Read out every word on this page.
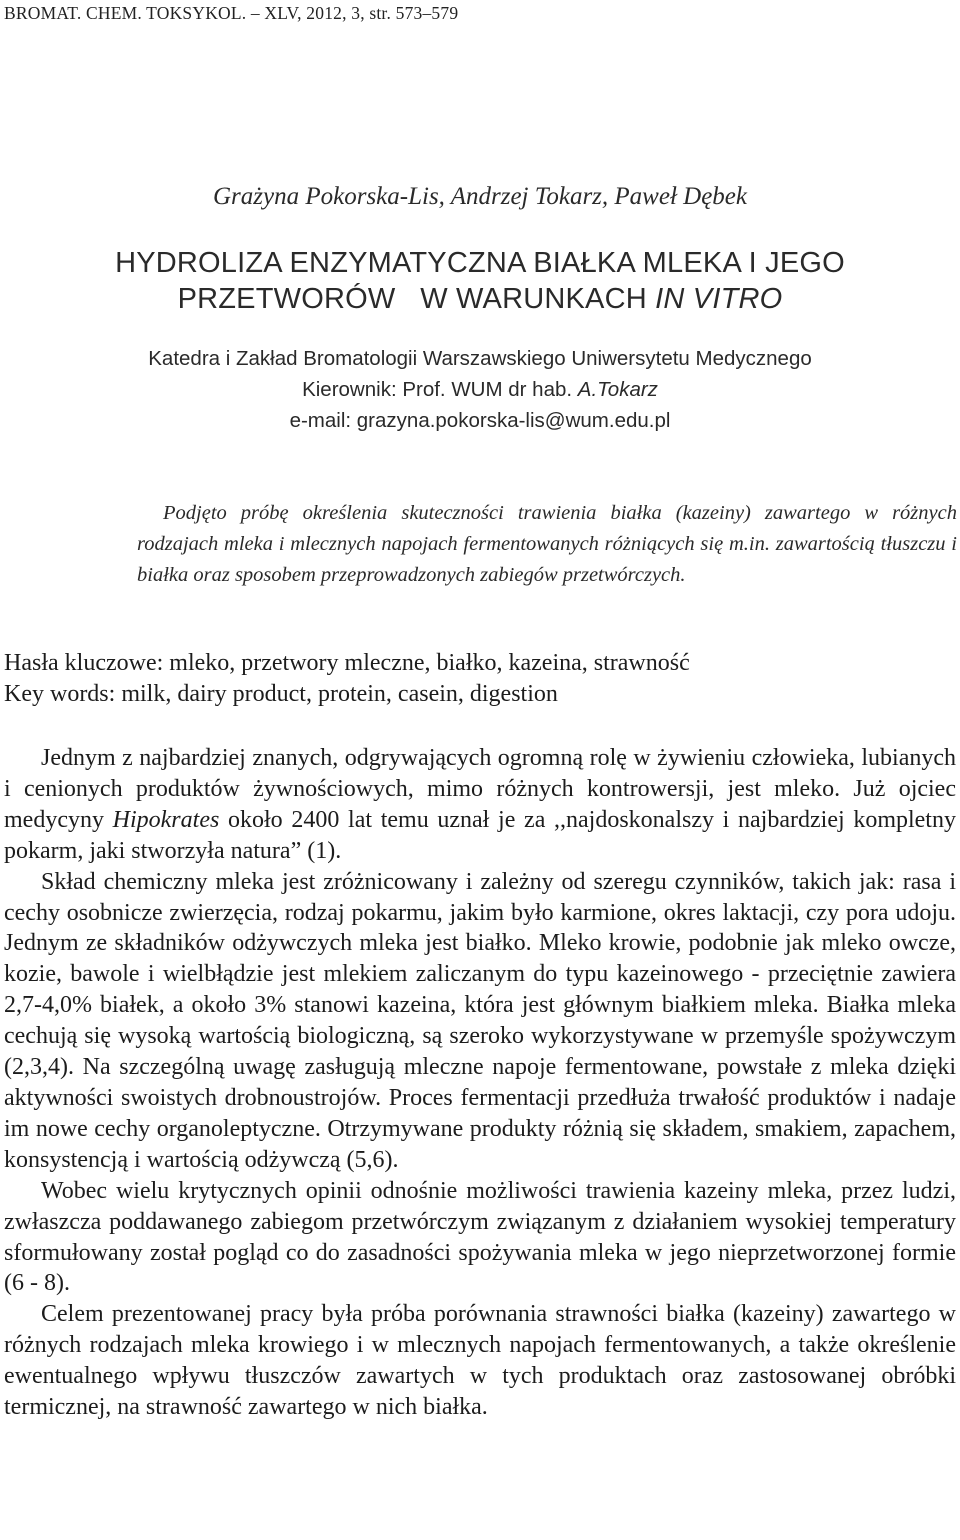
BROMAT. CHEM. TOKSYKOL. – XLV, 2012, 3, str. 573–579
Grażyna Pokorska-Lis, Andrzej Tokarz, Paweł Dębek
HYDROLIZA ENZYMATYCZNA BIAŁKA MLEKA I JEGO
PRZETWORÓW   W WARUNKACH IN VITRO
Katedra i Zakład Bromatologii Warszawskiego Uniwersytetu Medycznego
Kierownik: Prof. WUM dr hab. A.Tokarz
e-mail: grazyna.pokorska-lis@wum.edu.pl

Podjęto próbę określenia skuteczności trawienia białka (kazeiny) zawartego w różnych rodzajach mleka i mlecznych napojach fermentowanych różniących się m.in. zawartością tłuszczu i białka oraz sposobem przeprowadzonych zabiegów przetwórczych.

Hasła kluczowe: mleko, przetwory mleczne, białko, kazeina, strawność
Key words: milk, dairy product, protein, casein, digestion

Jednym z najbardziej znanych, odgrywających ogromną rolę w żywieniu człowieka, lubianych i cenionych produktów żywnościowych, mimo różnych kontrowersji, jest mleko. Już ojciec medycyny Hipokrates około 2400 lat temu uznał je za ,,najdoskonalszy i najbardziej kompletny pokarm, jaki stworzyła natura” (1).

Skład chemiczny mleka jest zróżnicowany i zależny od szeregu czynników, takich jak: rasa i cechy osobnicze zwierzęcia, rodzaj pokarmu, jakim było karmione, okres laktacji, czy pora udoju. Jednym ze składników odżywczych mleka jest białko. Mleko krowie, podobnie jak mleko owcze, kozie, bawole i wielbłądzie jest mlekiem zaliczanym do typu kazeinowego - przeciętnie zawiera 2,7-4,0% białek, a około 3% stanowi kazeina, która jest głównym białkiem mleka. Białka mleka cechują się wysoką wartością biologiczną, są szeroko wykorzystywane w przemyśle spożywczym (2,3,4). Na szczególną uwagę zasługują mleczne napoje fermentowane, powstałe z mleka dzięki aktywności swoistych drobnoustrojów. Proces fermentacji przedłuża trwałość produktów i nadaje im nowe cechy organoleptyczne. Otrzymywane produkty różnią się składem, smakiem, zapachem, konsystencją i wartością odżywczą (5,6).

Wobec wielu krytycznych opinii odnośnie możliwości trawienia kazeiny mleka, przez ludzi, zwłaszcza poddawanego zabiegom przetwórczym związanym z działaniem wysokiej temperatury sformułowany został pogląd co do zasadności spożywania mleka w jego nieprzetworzonej formie (6 - 8).

Celem prezentowanej pracy była próba porównania strawności białka (kazeiny) zawartego w różnych rodzajach mleka krowiego i w mlecznych napojach fermentowanych, a także określenie ewentualnego wpływu tłuszczów zawartych w tych produktach oraz zastosowanej obróbki termicznej, na strawność zawartego w nich białka.
